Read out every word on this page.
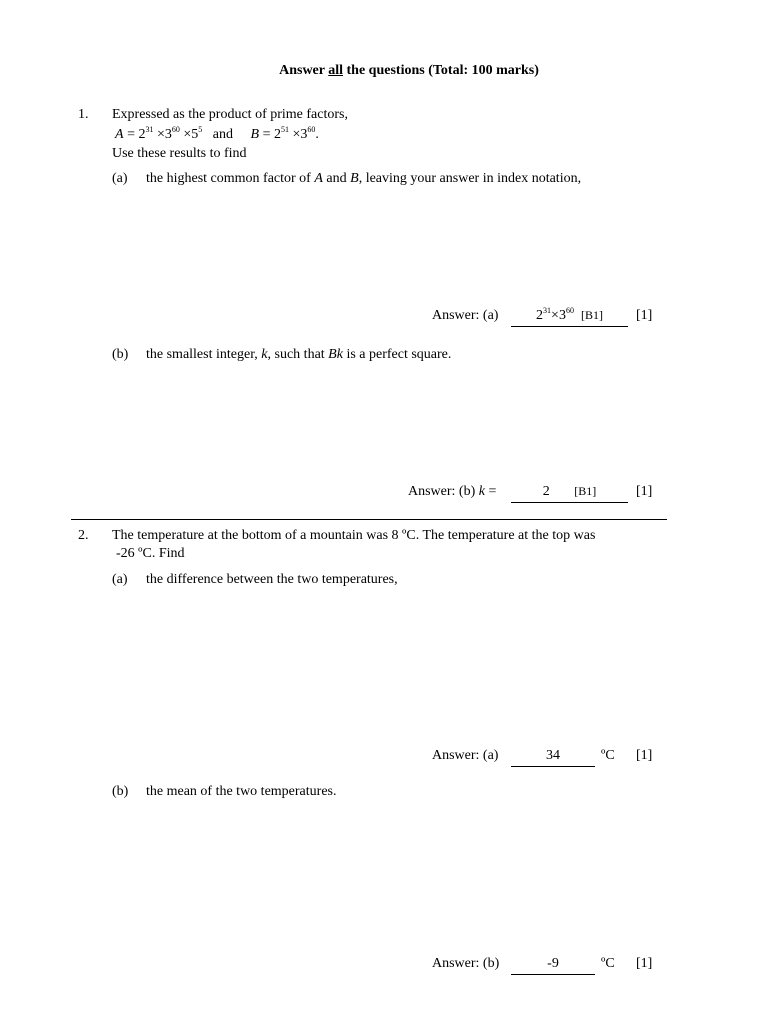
Answer all the questions (Total: 100 marks)
1. Expressed as the product of prime factors,
$A = 2^{31} \times 3^{60} \times 5^5$ and $B = 2^{51} \times 3^{60}$.
Use these results to find
(a) the highest common factor of A and B, leaving your answer in index notation,
Answer: (a)	$2^{31}\times 3^{60}$ [B1]	[1]
(b) the smallest integer, k, such that Bk is a perfect square.
Answer: (b) k =	2 [B1]	[1]
2. The temperature at the bottom of a mountain was 8 ºC. The temperature at the top was
-26 ºC. Find
(a) the difference between the two temperatures,
Answer: (a)	34	ºC [1]
(b) the mean of the two temperatures.
Answer: (b)	-9	ºC [1]
